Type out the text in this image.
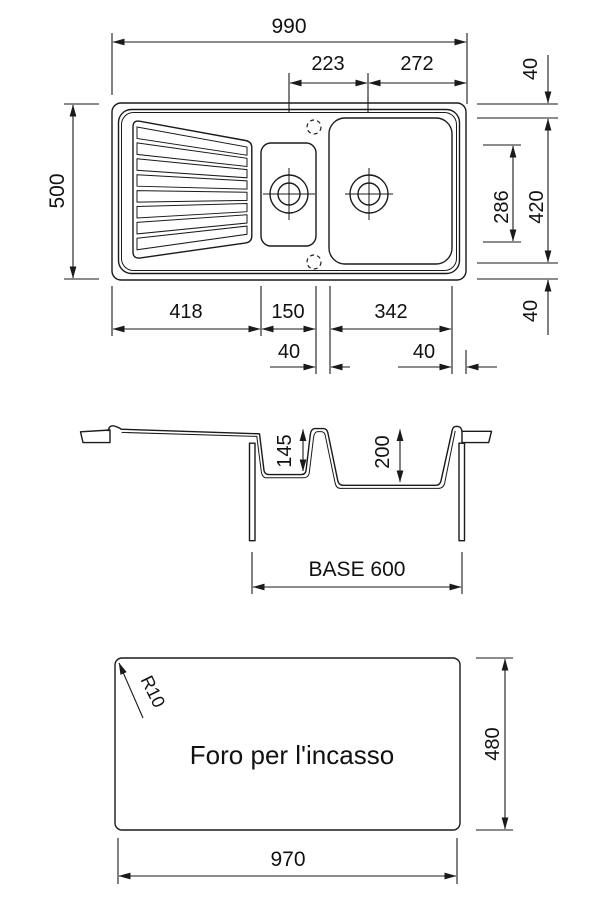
990
223	272
500
40
286 420
40
418	150	342
40	40
145	200
BASE 600
R10
Foro per l'incasso	480
970
